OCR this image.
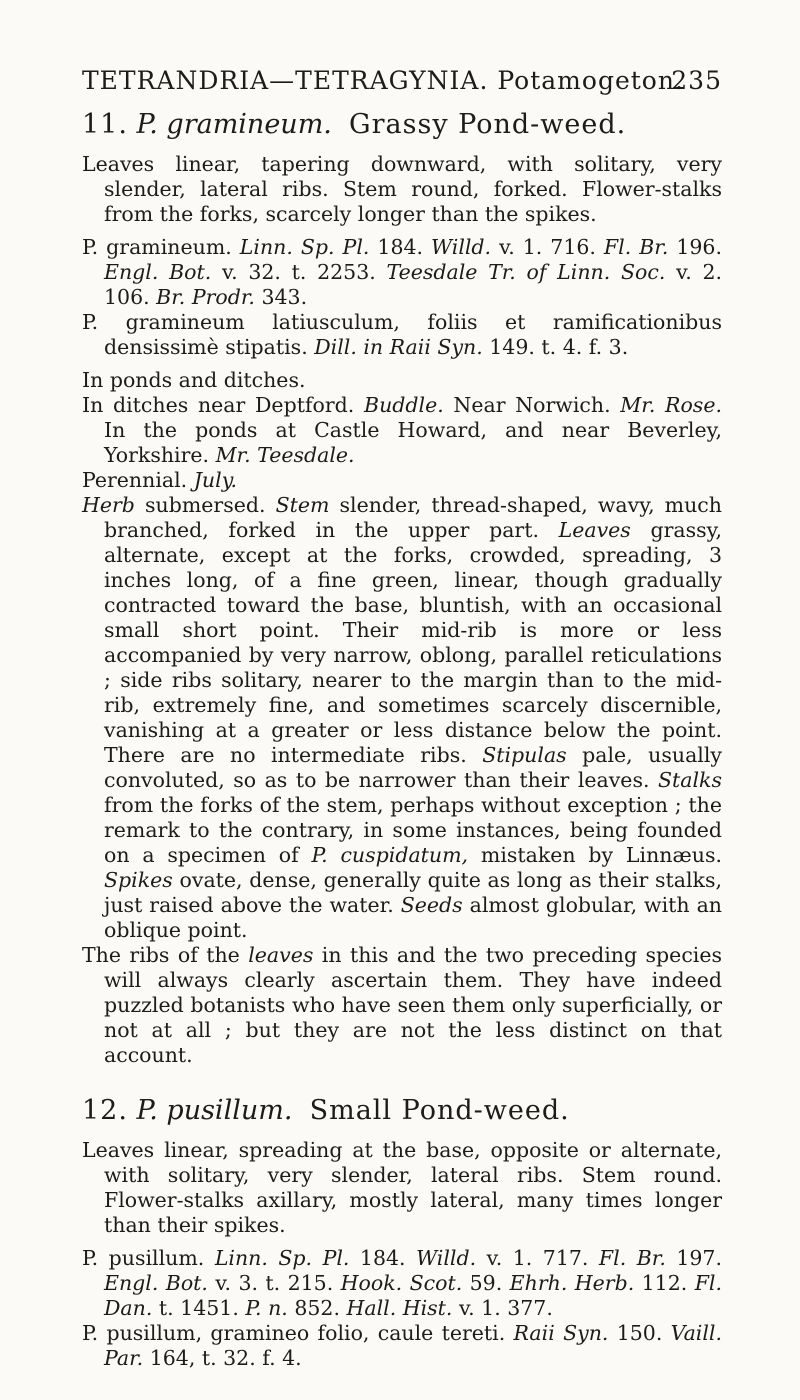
TETRANDRIA—TETRAGYNIA. Potamogeton.
235
11. P. gramineum. Grassy Pond-weed.

Leaves linear, tapering downward, with solitary, very slender, lateral ribs. Stem round, forked. Flower-stalks from the forks, scarcely longer than the spikes.

P. gramineum. Linn. Sp. Pl. 184. Willd. v. 1. 716. Fl. Br. 196. Engl. Bot. v. 32. t. 2253. Teesdale Tr. of Linn. Soc. v. 2. 106. Br. Prodr. 343.

P. gramineum latiusculum, foliis et ramificationibus densissimè stipatis. Dill. in Raii Syn. 149. t. 4. f. 3.

In ponds and ditches.

In ditches near Deptford. Buddle. Near Norwich. Mr. Rose. In the ponds at Castle Howard, and near Beverley, Yorkshire. Mr. Teesdale.

Perennial. July.

Herb submersed. Stem slender, thread-shaped, wavy, much branched, forked in the upper part. Leaves grassy, alternate, except at the forks, crowded, spreading, 3 inches long, of a fine green, linear, though gradually contracted toward the base, bluntish, with an occasional small short point. Their mid-rib is more or less accompanied by very narrow, oblong, parallel reticulations ; side ribs solitary, nearer to the margin than to the mid-rib, extremely fine, and sometimes scarcely discernible, vanishing at a greater or less distance below the point. There are no intermediate ribs. Stipulas pale, usually convoluted, so as to be narrower than their leaves. Stalks from the forks of the stem, perhaps without exception ; the remark to the contrary, in some instances, being founded on a specimen of P. cuspidatum, mistaken by Linnæus. Spikes ovate, dense, generally quite as long as their stalks, just raised above the water. Seeds almost globular, with an oblique point.

The ribs of the leaves in this and the two preceding species will always clearly ascertain them. They have indeed puzzled botanists who have seen them only superficially, or not at all ; but they are not the less distinct on that account.

12. P. pusillum. Small Pond-weed.

Leaves linear, spreading at the base, opposite or alternate, with solitary, very slender, lateral ribs. Stem round. Flower-stalks axillary, mostly lateral, many times longer than their spikes.

P. pusillum. Linn. Sp. Pl. 184. Willd. v. 1. 717. Fl. Br. 197. Engl. Bot. v. 3. t. 215. Hook. Scot. 59. Ehrh. Herb. 112. Fl. Dan. t. 1451. P. n. 852. Hall. Hist. v. 1. 377.

P. pusillum, gramineo folio, caule tereti. Raii Syn. 150. Vaill. Par. 164, t. 32. f. 4.
